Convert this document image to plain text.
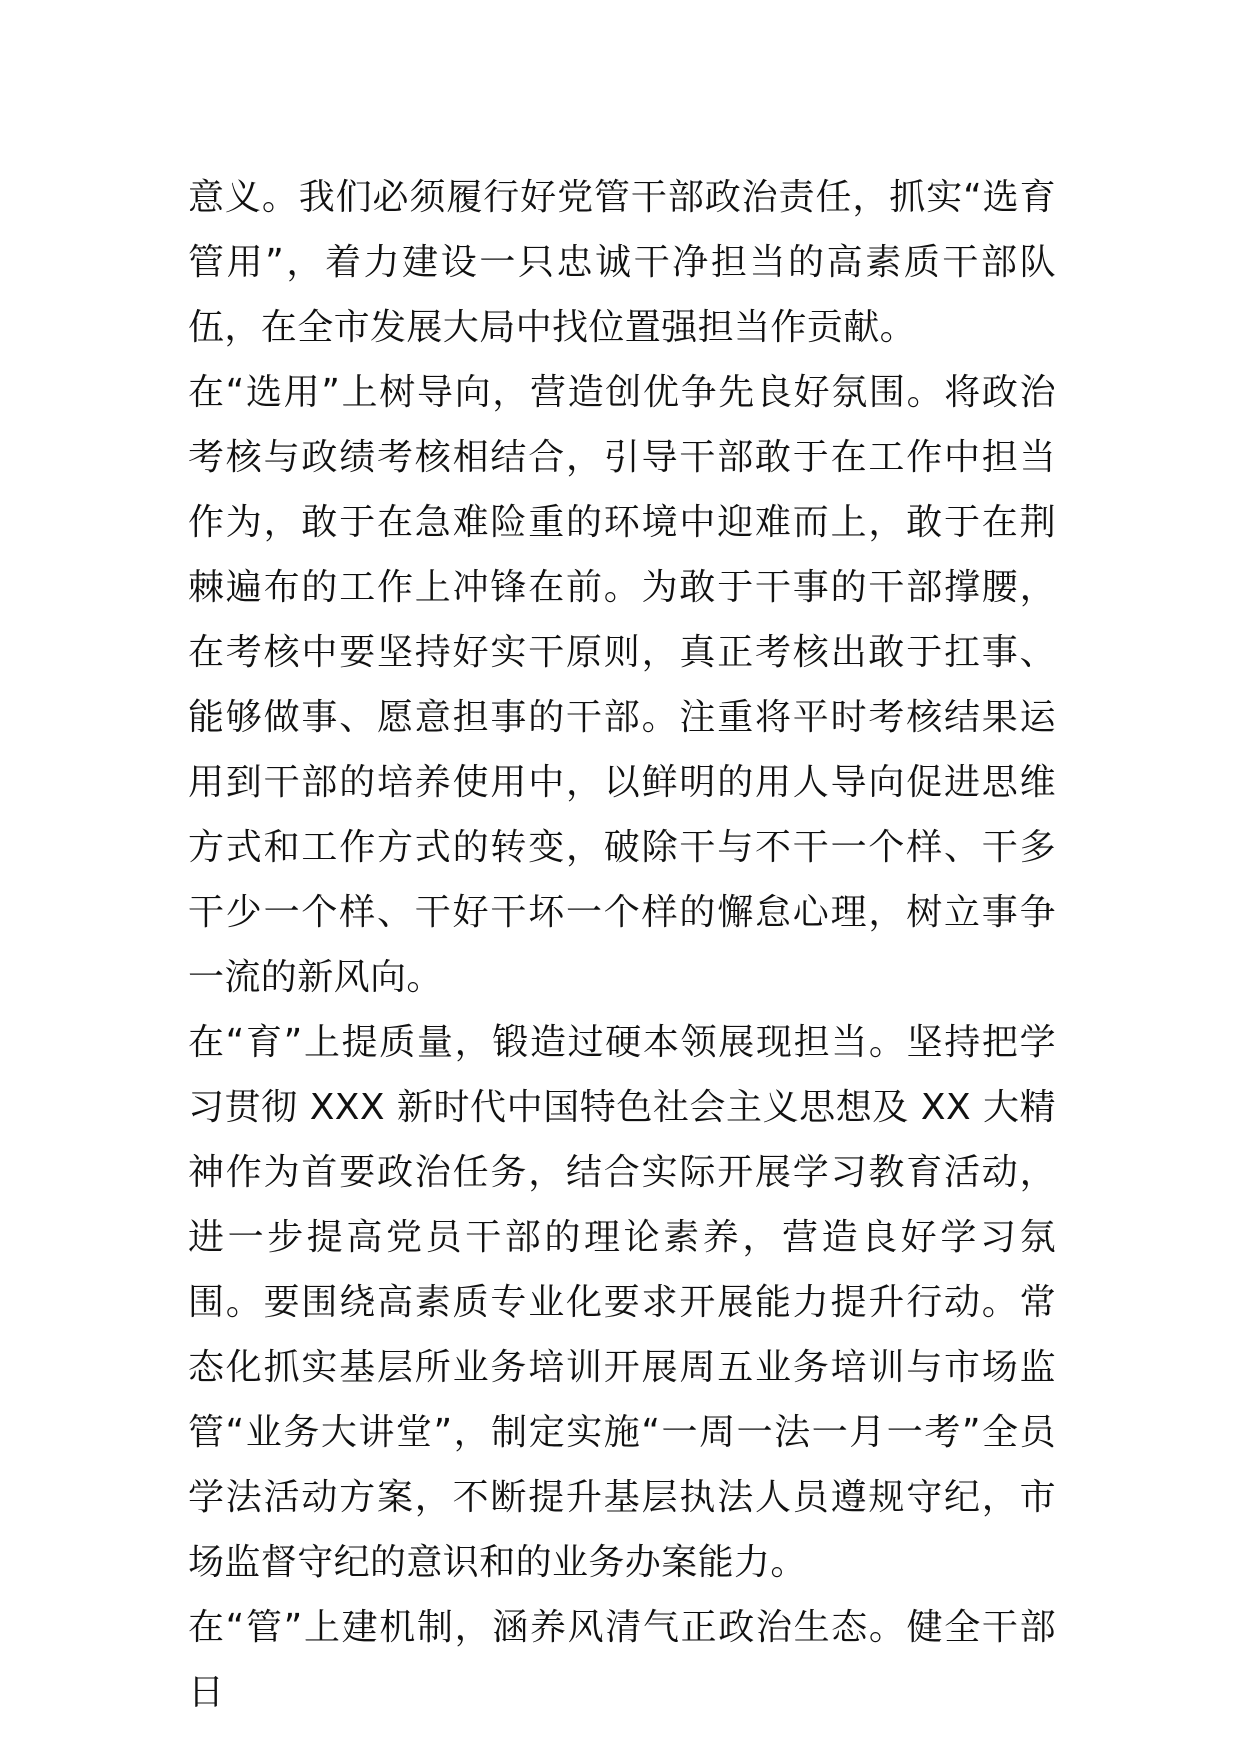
意义。我们必须履行好党管干部政治责任，抓实“选育管用”，着力建设一只忠诚干净担当的高素质干部队伍，在全市发展大局中找位置强担当作贡献。

在“选用”上树导向，营造创优争先良好氛围。将政治考核与政绩考核相结合，引导干部敢于在工作中担当作为，敢于在急难险重的环境中迎难而上，敢于在荆棘遍布的工作上冲锋在前。为敢于干事的干部撑腰，在考核中要坚持好实干原则，真正考核出敢于扛事、能够做事、愿意担事的干部。注重将平时考核结果运用到干部的培养使用中，以鲜明的用人导向促进思维方式和工作方式的转变，破除干与不干一个样、干多干少一个样、干好干坏一个样的懈怠心理，树立事争一流的新风向。

在“育”上提质量，锻造过硬本领展现担当。坚持把学习贯彻 XXX 新时代中国特色社会主义思想及 XX 大精神作为首要政治任务，结合实际开展学习教育活动，进一步提高党员干部的理论素养，营造良好学习氛围。要围绕高素质专业化要求开展能力提升行动。常态化抓实基层所业务培训开展周五业务培训与市场监管“业务大讲堂”，制定实施“一周一法一月一考”全员学法活动方案，不断提升基层执法人员遵规守纪，市场监督守纪的意识和的业务办案能力。

在“管”上建机制，涵养风清气正政治生态。健全干部日
